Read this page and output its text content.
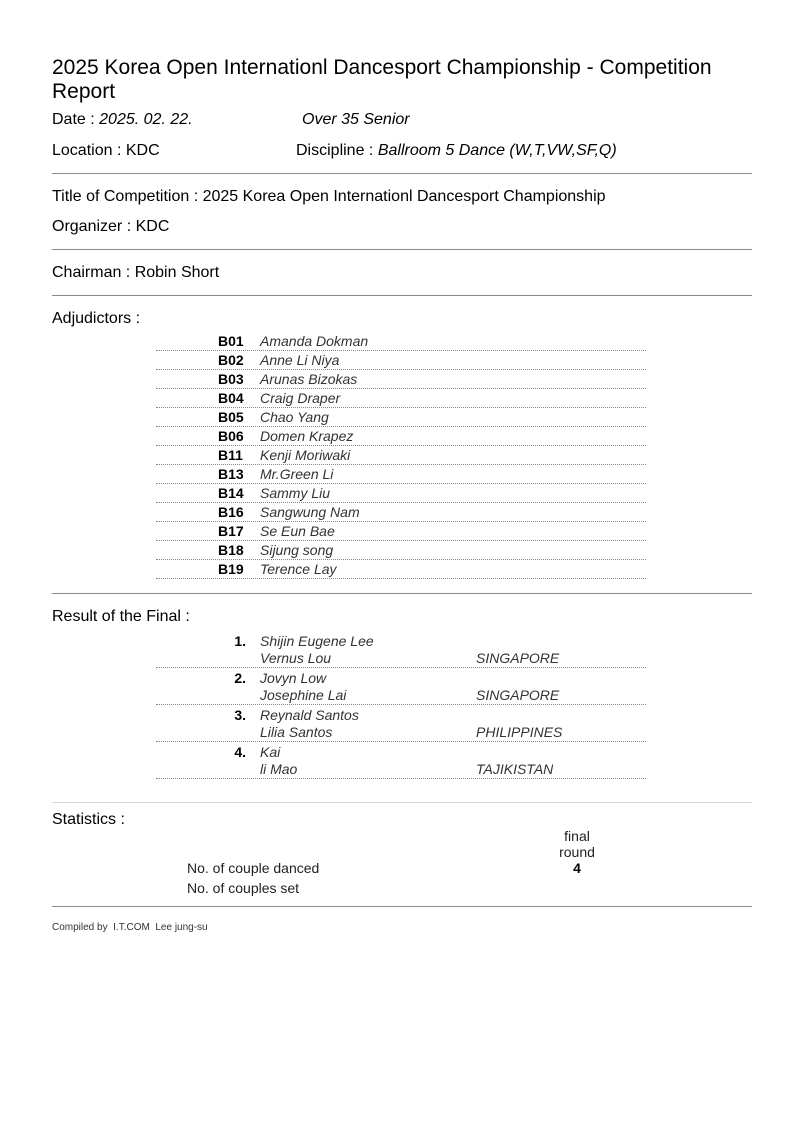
2025 Korea Open Internationl Dancesport Championship - Competition Report
Date : 2025. 02. 22.	Over 35 Senior
Location : KDC	Discipline : Ballroom 5 Dance (W,T,VW,SF,Q)
Title of Competition : 2025 Korea Open Internationl Dancesport Championship
Organizer : KDC
Chairman : Robin Short
Adjudictors :
B01 Amanda Dokman
B02 Anne Li Niya
B03 Arunas Bizokas
B04 Craig Draper
B05 Chao Yang
B06 Domen Krapez
B11 Kenji Moriwaki
B13 Mr.Green Li
B14 Sammy Liu
B16 Sangwung Nam
B17 Se Eun Bae
B18 Sijung song
B19 Terence Lay
Result of the Final :
1. Shijin Eugene Lee
Vernus Lou	SINGAPORE
2. Jovyn Low
Josephine Lai	SINGAPORE
3. Reynald Santos
Lilia Santos	PHILIPPINES
4. Kai
li Mao	TAJIKISTAN
Statistics :
final
round
No. of couple danced	4
No. of couples set
Compiled by  I.T.COM  Lee jung-su
